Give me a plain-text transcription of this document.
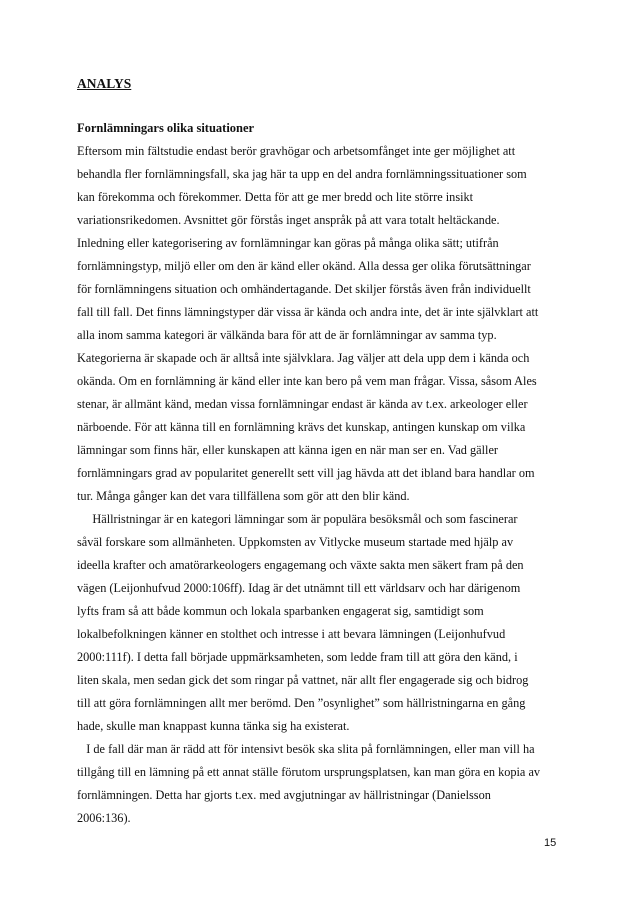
ANALYS
Fornlämningars olika situationer
Eftersom min fältstudie endast berör gravhögar och arbetsomfånget inte ger möjlighet att
behandla fler fornlämningsfall, ska jag här ta upp en del andra fornlämningssituationer som
kan förekomma och förekommer. Detta för att ge mer bredd och lite större insikt
variationsrikedomen. Avsnittet gör förstås inget anspråk på att vara totalt heltäckande.
Inledning eller kategorisering av fornlämningar kan göras på många olika sätt; utifrån
fornlämningstyp, miljö eller om den är känd eller okänd. Alla dessa ger olika förutsättningar
för fornlämningens situation och omhändertagande. Det skiljer förstås även från individuellt
fall till fall. Det finns lämningstyper där vissa är kända och andra inte, det är inte självklart att
alla inom samma kategori är välkända bara för att de är fornlämningar av samma typ.
Kategorierna är skapade och är alltså inte självklara. Jag väljer att dela upp dem i kända och
okända. Om en fornlämning är känd eller inte kan bero på vem man frågar. Vissa, såsom Ales
stenar, är allmänt känd, medan vissa fornlämningar endast är kända av t.ex. arkeologer eller
närboende. För att känna till en fornlämning krävs det kunskap, antingen kunskap om vilka
lämningar som finns här, eller kunskapen att känna igen en när man ser en. Vad gäller
fornlämningars grad av popularitet generellt sett vill jag hävda att det ibland bara handlar om
tur. Många gånger kan det vara tillfällena som gör att den blir känd.
Hällristningar är en kategori lämningar som är populära besöksmål och som fascinerar
såväl forskare som allmänheten. Uppkomsten av Vitlycke museum startade med hjälp av
ideella krafter och amatörarkeologers engagemang och växte sakta men säkert fram på den
vägen (Leijonhufvud 2000:106ff). Idag är det utnämnt till ett världsarv och har därigenom
lyfts fram så att både kommun och lokala sparbanken engagerat sig, samtidigt som
lokalbefolkningen känner en stolthet och intresse i att bevara lämningen (Leijonhufvud
2000:111f). I detta fall började uppmärksamheten, som ledde fram till att göra den känd, i
liten skala, men sedan gick det som ringar på vattnet, när allt fler engagerade sig och bidrog
till att göra fornlämningen allt mer berömd. Den ”osynlighet” som hällristningarna en gång
hade, skulle man knappast kunna tänka sig ha existerat.
I de fall där man är rädd att för intensivt besök ska slita på fornlämningen, eller man vill ha
tillgång till en lämning på ett annat ställe förutom ursprungsplatsen, kan man göra en kopia av
fornlämningen. Detta har gjorts t.ex. med avgjutningar av hällristningar (Danielsson
2006:136).
15
